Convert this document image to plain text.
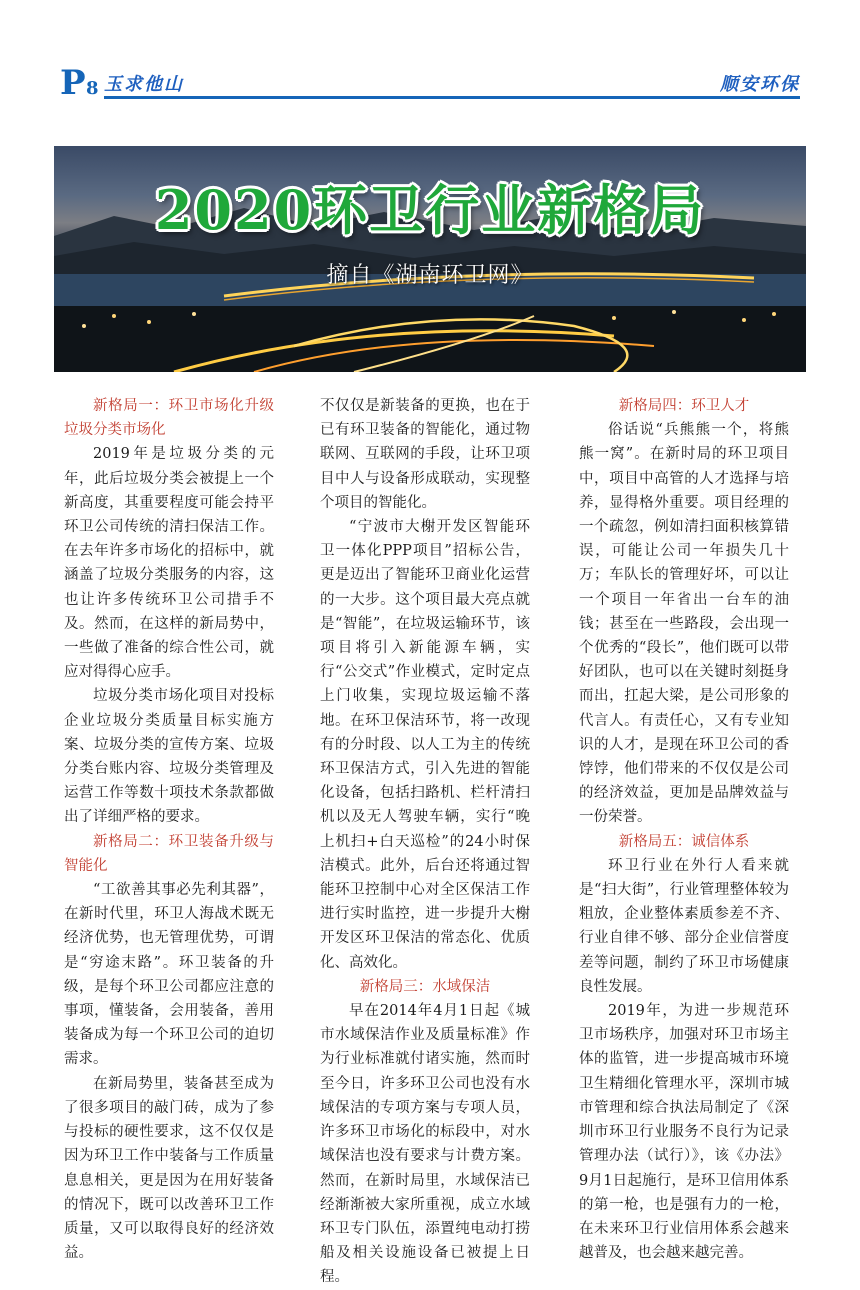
P 8 玉求他山	顺安环保
2020环卫行业新格局
摘自《湖南环卫网》
新格局一：环卫市场化升级垃圾分类市场化

2019年是垃圾分类的元年，此后垃圾分类会被提上一个新高度，其重要程度可能会持平环卫公司传统的清扫保洁工作。在去年许多市场化的招标中，就涵盖了垃圾分类服务的内容，这也让许多传统环卫公司措手不及。然而，在这样的新局势中，一些做了准备的综合性公司，就应对得得心应手。

垃圾分类市场化项目对投标企业垃圾分类质量目标实施方案、垃圾分类的宣传方案、垃圾分类台账内容、垃圾分类管理及运营工作等数十项技术条款都做出了详细严格的要求。

新格局二：环卫装备升级与智能化

“工欲善其事必先利其器”，在新时代里，环卫人海战术既无经济优势，也无管理优势，可谓是“穷途末路”。环卫装备的升级，是每个环卫公司都应注意的事项，懂装备，会用装备，善用装备成为每一个环卫公司的迫切需求。

在新局势里，装备甚至成为了很多项目的敲门砖，成为了参与投标的硬性要求，这不仅仅是因为环卫工作中装备与工作质量息息相关，更是因为在用好装备的情况下，既可以改善环卫工作质量，又可以取得良好的经济效益。

不仅仅是新装备的更换，也在于已有环卫装备的智能化，通过物联网、互联网的手段，让环卫项目中人与设备形成联动，实现整个项目的智能化。

“宁波市大榭开发区智能环卫一体化PPP项目”招标公告，更是迈出了智能环卫商业化运营的一大步。这个项目最大亮点就是“智能”，在垃圾运输环节，该项目将引入新能源车辆，实行“公交式”作业模式，定时定点上门收集，实现垃圾运输不落地。在环卫保洁环节，将一改现有的分时段、以人工为主的传统环卫保洁方式，引入先进的智能化设备，包括扫路机、栏杆清扫机以及无人驾驶车辆，实行“晚上机扫+白天巡检”的24小时保洁模式。此外，后台还将通过智能环卫控制中心对全区保洁工作进行实时监控，进一步提升大榭开发区环卫保洁的常态化、优质化、高效化。

新格局三：水域保洁

早在2014年4月1日起《城市水域保洁作业及质量标准》作为行业标准就付诸实施，然而时至今日，许多环卫公司也没有水域保洁的专项方案与专项人员，许多环卫市场化的标段中，对水域保洁也没有要求与计费方案。然而，在新时局里，水域保洁已经渐渐被大家所重视，成立水域环卫专门队伍，添置纯电动打捞船及相关设施设备已被提上日程。

新格局四：环卫人才

俗话说“兵熊熊一个，将熊熊一窝”。在新时局的环卫项目中，项目中高管的人才选择与培养，显得格外重要。项目经理的一个疏忽，例如清扫面积核算错误，可能让公司一年损失几十万；车队长的管理好坏，可以让一个项目一年省出一台车的油钱；甚至在一些路段，会出现一个优秀的“段长”，他们既可以带好团队，也可以在关键时刻挺身而出，扛起大梁，是公司形象的代言人。有责任心，又有专业知识的人才，是现在环卫公司的香饽饽，他们带来的不仅仅是公司的经济效益，更加是品牌效益与一份荣誉。

新格局五：诚信体系

环卫行业在外行人看来就是“扫大街”，行业管理整体较为粗放，企业整体素质参差不齐、行业自律不够、部分企业信誉度差等问题，制约了环卫市场健康良性发展。

2019年，为进一步规范环卫市场秩序，加强对环卫市场主体的监管，进一步提高城市环境卫生精细化管理水平，深圳市城市管理和综合执法局制定了《深圳市环卫行业服务不良行为记录管理办法（试行）》，该《办法》9月1日起施行，是环卫信用体系的第一枪，也是强有力的一枪，在未来环卫行业信用体系会越来越普及，也会越来越完善。
